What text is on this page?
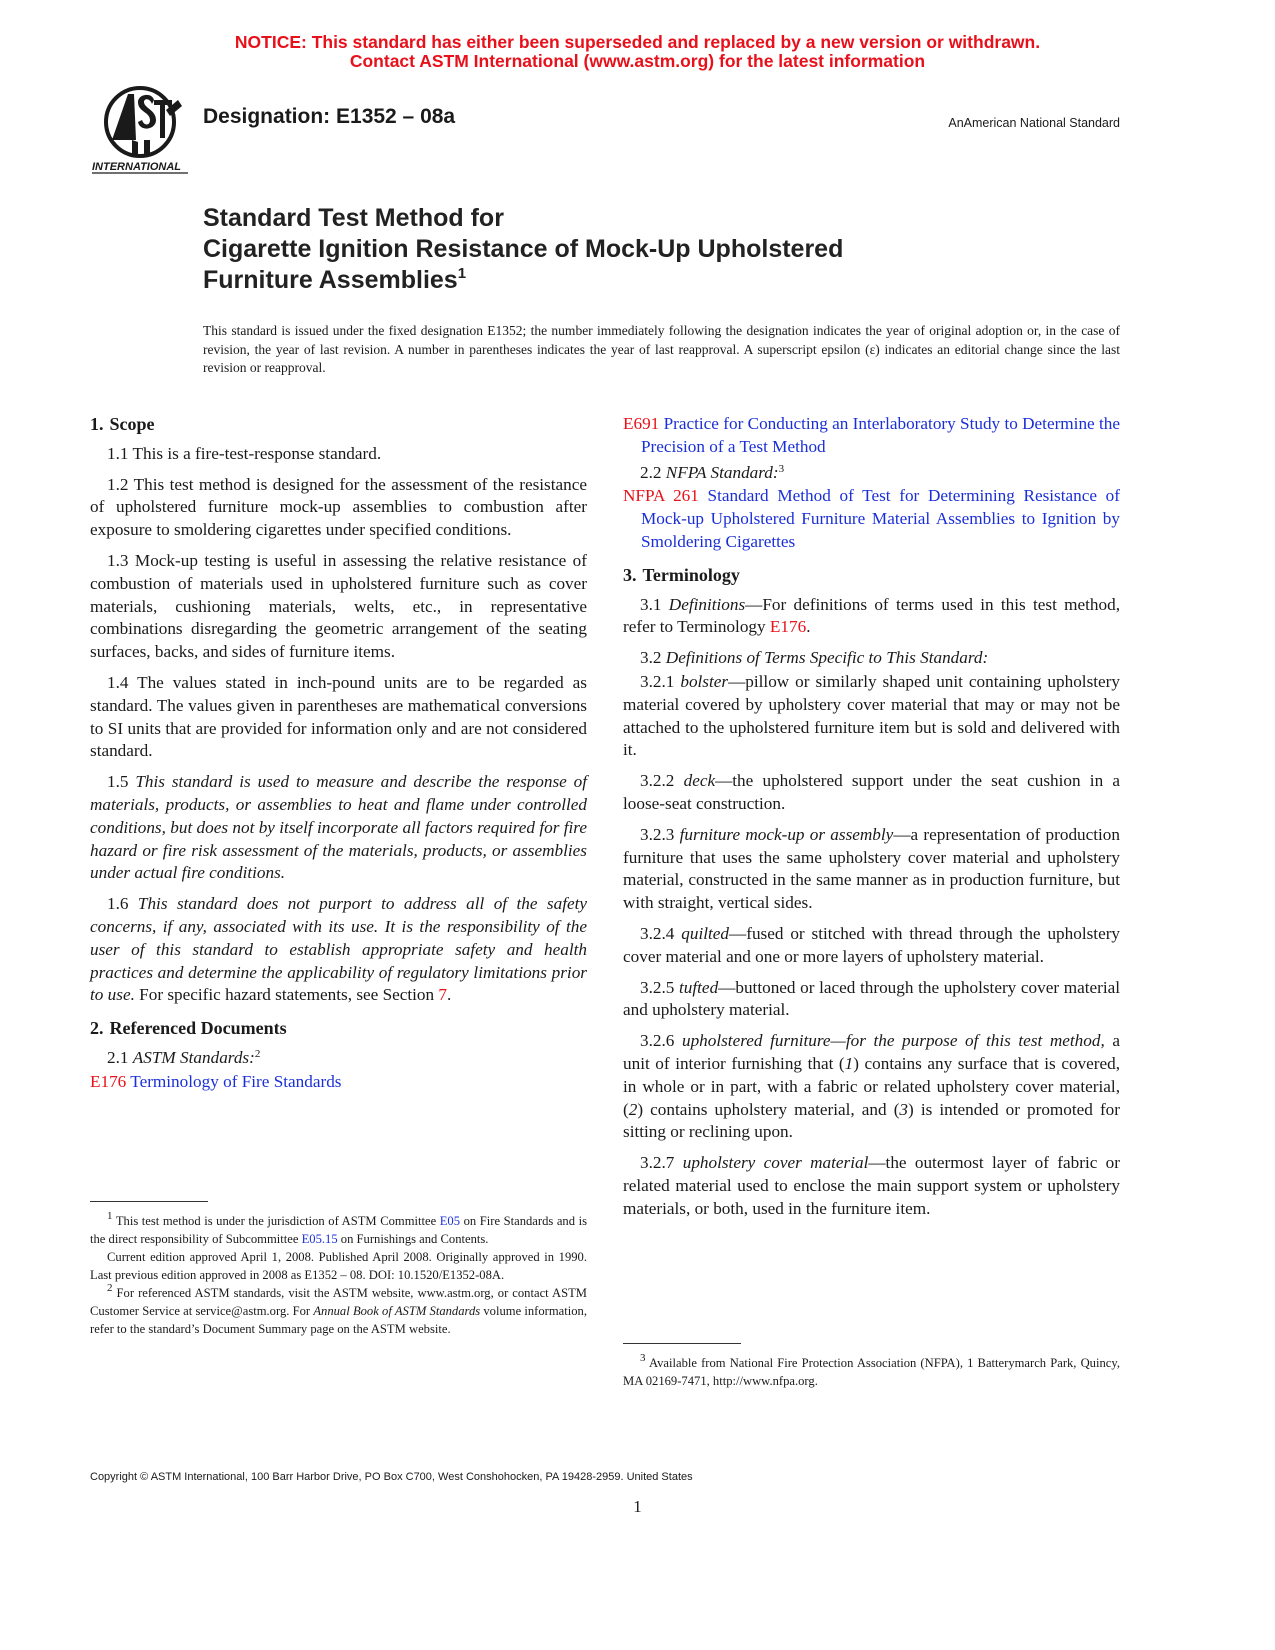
NOTICE: This standard has either been superseded and replaced by a new version or withdrawn.
Contact ASTM International (www.astm.org) for the latest information
INTERNATIONAL
Designation: E1352 – 08a	AnAmerican National Standard
Standard Test Method for
Cigarette Ignition Resistance of Mock-Up Upholstered
Furniture Assemblies$^1$
This standard is issued under the fixed designation E1352; the number immediately following the designation indicates the year of original adoption or, in the case of revision, the year of last revision. A number in parentheses indicates the year of last reapproval. A superscript epsilon (ε) indicates an editorial change since the last revision or reapproval.
1. Scope

1.1 This is a fire-test-response standard.

1.2 This test method is designed for the assessment of the resistance of upholstered furniture mock-up assemblies to combustion after exposure to smoldering cigarettes under specified conditions.

1.3 Mock-up testing is useful in assessing the relative resistance of combustion of materials used in upholstered furniture such as cover materials, cushioning materials, welts, etc., in representative combinations disregarding the geometric arrangement of the seating surfaces, backs, and sides of furniture items.

1.4 The values stated in inch-pound units are to be regarded as standard. The values given in parentheses are mathematical conversions to SI units that are provided for information only and are not considered standard.

1.5 This standard is used to measure and describe the response of materials, products, or assemblies to heat and flame under controlled conditions, but does not by itself incorporate all factors required for fire hazard or fire risk assessment of the materials, products, or assemblies under actual fire conditions.

1.6 This standard does not purport to address all of the safety concerns, if any, associated with its use. It is the responsibility of the user of this standard to establish appropriate safety and health practices and determine the applicability of regulatory limitations prior to use. For specific hazard statements, see Section 7.

2. Referenced Documents

2.1 ASTM Standards:$^2$

E176 Terminology of Fire Standards

$^1$ This test method is under the jurisdiction of ASTM Committee E05 on Fire Standards and is the direct responsibility of Subcommittee E05.15 on Furnishings and Contents.

Current edition approved April 1, 2008. Published April 2008. Originally approved in 1990. Last previous edition approved in 2008 as E1352 – 08. DOI: 10.1520/E1352-08A.

$^2$ For referenced ASTM standards, visit the ASTM website, www.astm.org, or contact ASTM Customer Service at service@astm.org. For Annual Book of ASTM Standards volume information, refer to the standard’s Document Summary page on the ASTM website.

E691 Practice for Conducting an Interlaboratory Study to Determine the Precision of a Test Method

2.2 NFPA Standard:$^3$

NFPA 261 Standard Method of Test for Determining Resistance of Mock-up Upholstered Furniture Material Assemblies to Ignition by Smoldering Cigarettes

3. Terminology

3.1 Definitions—For definitions of terms used in this test method, refer to Terminology E176.

3.2 Definitions of Terms Specific to This Standard:

3.2.1 bolster—pillow or similarly shaped unit containing upholstery material covered by upholstery cover material that may or may not be attached to the upholstered furniture item but is sold and delivered with it.

3.2.2 deck—the upholstered support under the seat cushion in a loose-seat construction.

3.2.3 furniture mock-up or assembly—a representation of production furniture that uses the same upholstery cover material and upholstery material, constructed in the same manner as in production furniture, but with straight, vertical sides.

3.2.4 quilted—fused or stitched with thread through the upholstery cover material and one or more layers of upholstery material.

3.2.5 tufted—buttoned or laced through the upholstery cover material and upholstery material.

3.2.6 upholstered furniture—for the purpose of this test method, a unit of interior furnishing that (1) contains any surface that is covered, in whole or in part, with a fabric or related upholstery cover material, (2) contains upholstery material, and (3) is intended or promoted for sitting or reclining upon.

3.2.7 upholstery cover material—the outermost layer of fabric or related material used to enclose the main support system or upholstery materials, or both, used in the furniture item.

$^3$ Available from National Fire Protection Association (NFPA), 1 Batterymarch Park, Quincy, MA 02169-7471, http://www.nfpa.org.

Copyright © ASTM International, 100 Barr Harbor Drive, PO Box C700, West Conshohocken, PA 19428-2959. United States
1
